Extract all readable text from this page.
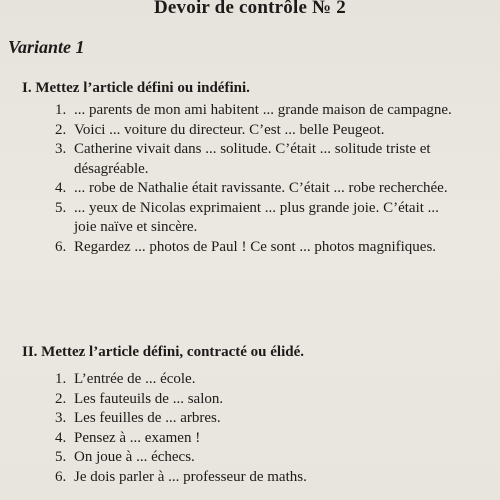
Devoir de contrôle № 2
Variante 1
I. Mettez l’article défini ou indéfini.
1. ... parents de mon ami habitent ... grande maison de campagne.
2. Voici ... voiture du directeur. C’est ... belle Peugeot.
3. Catherine vivait dans ... solitude. C’était ... solitude triste et désagréable.
4. ... robe de Nathalie était ravissante. C’était ... robe recherchée.
5. ... yeux de Nicolas exprimaient ... plus grande joie. C’était ... joie naïve et sincère.
6. Regardez ... photos de Paul ! Ce sont ... photos magnifiques.
II. Mettez l’article défini, contracté ou élidé.
1. L’entrée de ... école.
2. Les fauteuils de ... salon.
3. Les feuilles de ... arbres.
4. Pensez à ... examen !
5. On joue à ... échecs.
6. Je dois parler à ... professeur de maths.
